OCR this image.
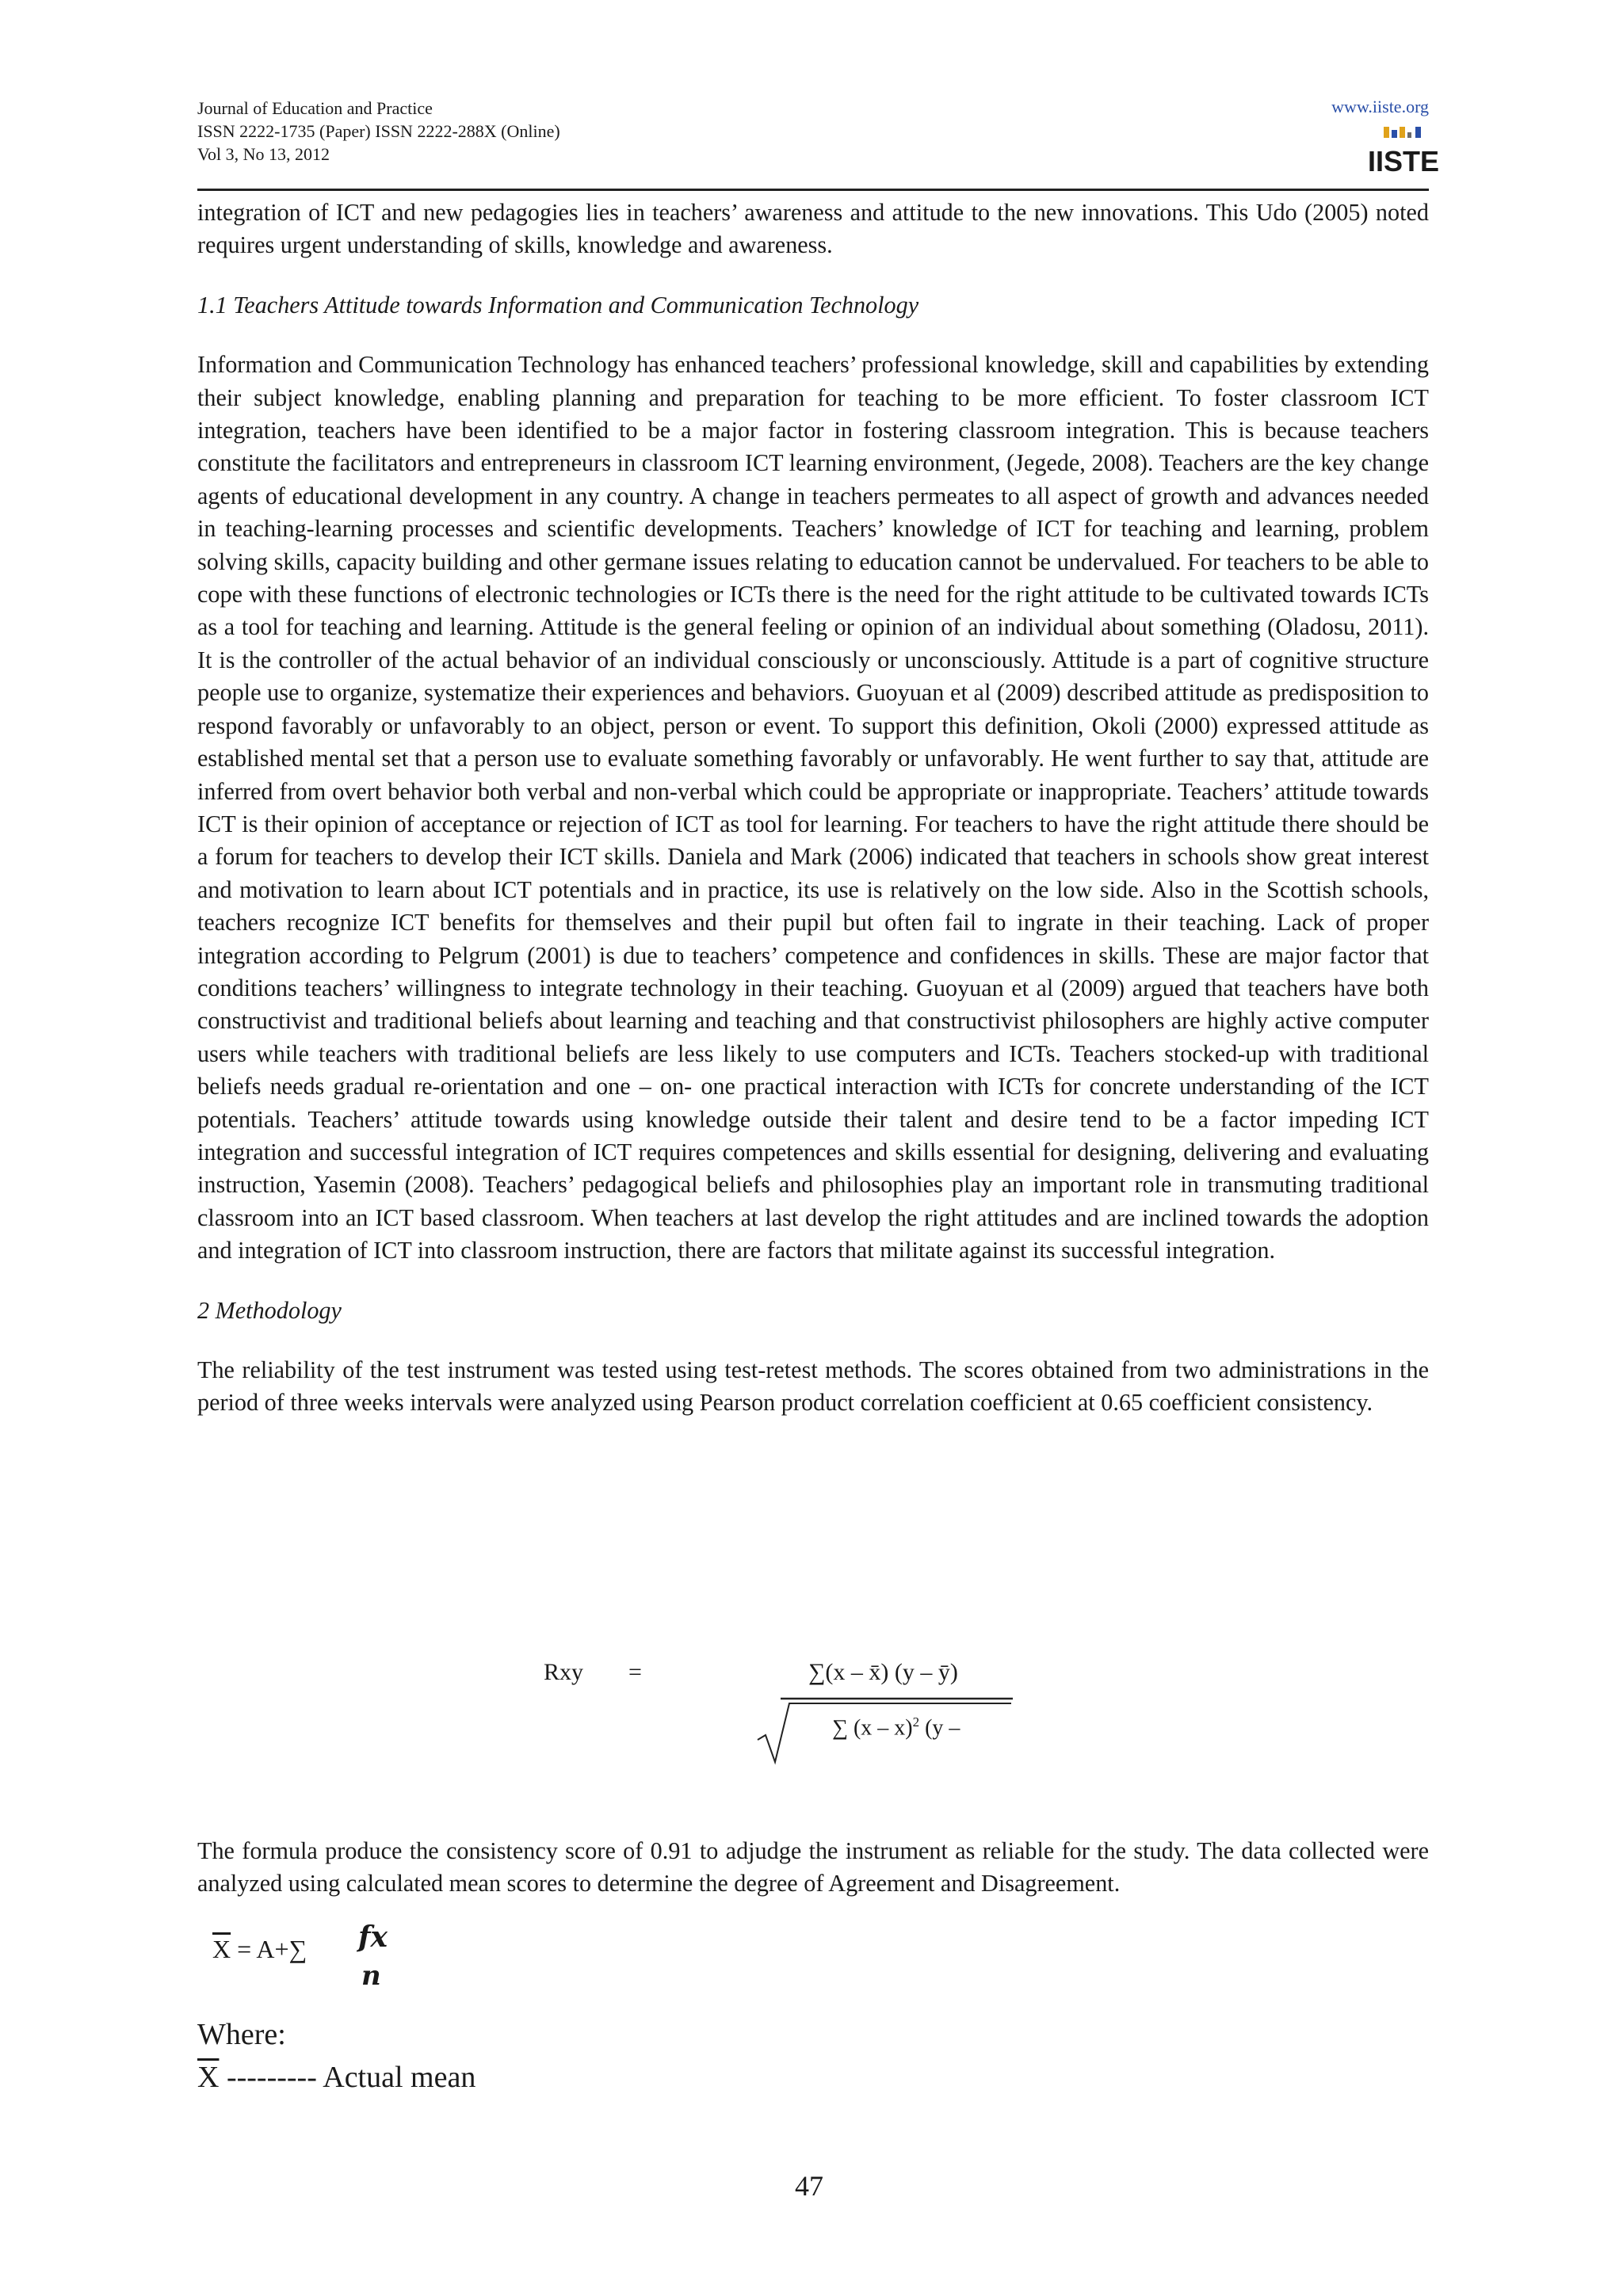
Journal of Education and Practice
ISSN 2222-1735 (Paper) ISSN 2222-288X (Online)
Vol 3, No 13, 2012
www.iiste.org
IISTE

integration of ICT and new pedagogies lies in teachers’ awareness and attitude to the new innovations. This Udo (2005) noted requires urgent understanding of skills, knowledge and awareness.

1.1 Teachers Attitude towards Information and Communication Technology

Information and Communication Technology has enhanced teachers’ professional knowledge, skill and capabilities by extending their subject knowledge, enabling planning and preparation for teaching to be more efficient. To foster classroom ICT integration, teachers have been identified to be a major factor in fostering classroom integration. This is because teachers constitute the facilitators and entrepreneurs in classroom ICT learning environment, (Jegede, 2008). Teachers are the key change agents of educational development in any country. A change in teachers permeates to all aspect of growth and advances needed in teaching-learning processes and scientific developments. Teachers’ knowledge of ICT for teaching and learning, problem solving skills, capacity building and other germane issues relating to education cannot be undervalued. For teachers to be able to cope with these functions of electronic technologies or ICTs there is the need for the right attitude to be cultivated towards ICTs as a tool for teaching and learning. Attitude is the general feeling or opinion of an individual about something (Oladosu, 2011). It is the controller of the actual behavior of an individual consciously or unconsciously. Attitude is a part of cognitive structure people use to organize, systematize their experiences and behaviors. Guoyuan et al (2009) described attitude as predisposition to respond favorably or unfavorably to an object, person or event. To support this definition, Okoli (2000) expressed attitude as established mental set that a person use to evaluate something favorably or unfavorably. He went further to say that, attitude are inferred from overt behavior both verbal and non-verbal which could be appropriate or inappropriate. Teachers’ attitude towards ICT is their opinion of acceptance or rejection of ICT as tool for learning. For teachers to have the right attitude there should be a forum for teachers to develop their ICT skills. Daniela and Mark (2006) indicated that teachers in schools show great interest and motivation to learn about ICT potentials and in practice, its use is relatively on the low side. Also in the Scottish schools, teachers recognize ICT benefits for themselves and their pupil but often fail to ingrate in their teaching. Lack of proper integration according to Pelgrum (2001) is due to teachers’ competence and confidences in skills. These are major factor that conditions teachers’ willingness to integrate technology in their teaching. Guoyuan et al (2009) argued that teachers have both constructivist and traditional beliefs about learning and teaching and that constructivist philosophers are highly active computer users while teachers with traditional beliefs are less likely to use computers and ICTs. Teachers stocked-up with traditional beliefs needs gradual re-orientation and one – on- one practical interaction with ICTs for concrete understanding of the ICT potentials. Teachers’ attitude towards using knowledge outside their talent and desire tend to be a factor impeding ICT integration and successful integration of ICT requires competences and skills essential for designing, delivering and evaluating instruction, Yasemin (2008). Teachers’ pedagogical beliefs and philosophies play an important role in transmuting traditional classroom into an ICT based classroom. When teachers at last develop the right attitudes and are inclined towards the adoption and integration of ICT into classroom instruction, there are factors that militate against its successful integration.

2 Methodology

The reliability of the test instrument was tested using test-retest methods. The scores obtained from two administrations in the period of three weeks intervals were analyzed using Pearson product correlation coefficient at 0.65 coefficient consistency.

Rxy =	∑(x – x̄) (y – ȳ)
∑ (x – x)$^2$ (y –

The formula produce the consistency score of 0.91 to adjudge the instrument as reliable for the study. The data collected were analyzed using calculated mean scores to determine the degree of Agreement and Disagreement.

$\overline{X} = A+\sum$ fx
n
Where:
$\overline{X}$ --------- Actual mean
47
